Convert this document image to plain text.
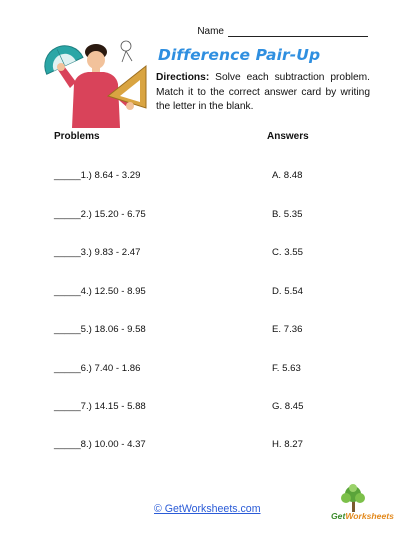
Name
Difference Pair-Up
Directions: Solve each subtraction problem. Match it to the correct answer card by writing the letter in the blank.
Problems	Answers
_____1.) 8.64 - 3.29
_____2.) 15.20 - 6.75
_____3.) 9.83 - 2.47
_____4.) 12.50 - 8.95
_____5.) 18.06 - 9.58
_____6.) 7.40 - 1.86
_____7.) 14.15 - 5.88
_____8.) 10.00 - 4.37
A. 8.48
B. 5.35
C. 3.55
D. 5.54
E. 7.36
F. 5.63
G. 8.45
H. 8.27
© GetWorksheets.com
GetWorksheets
